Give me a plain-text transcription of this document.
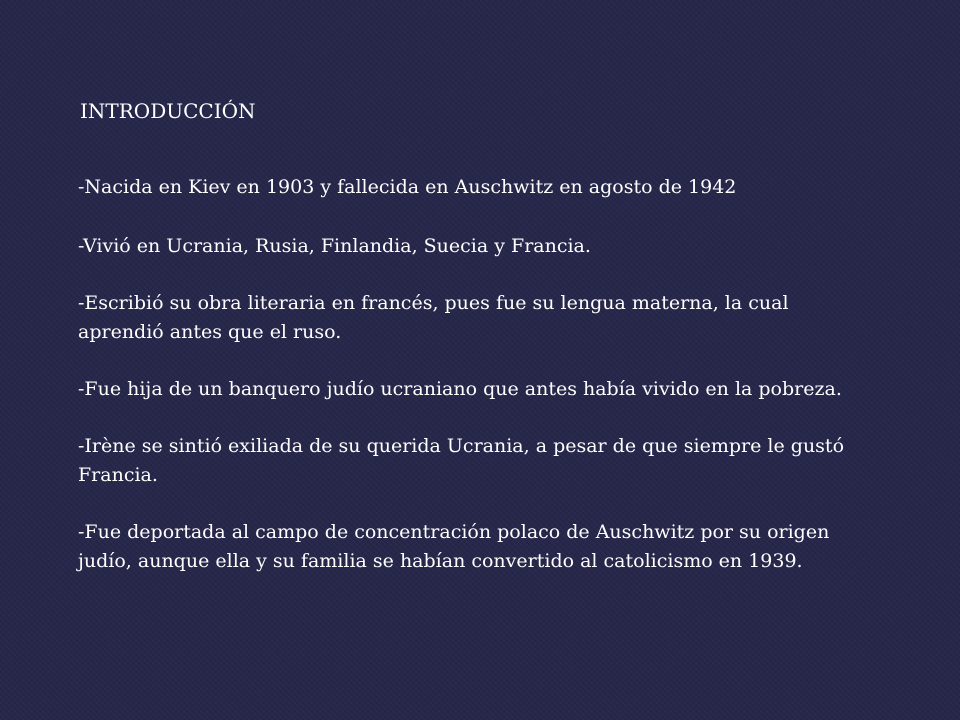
INTRODUCCIÓN

-Nacida en Kiev en 1903 y fallecida en Auschwitz en agosto de 1942

-Vivió en Ucrania, Rusia, Finlandia, Suecia y Francia.

-Escribió su obra literaria en francés, pues fue su lengua materna, la cual aprendió antes que el ruso.

-Fue hija de un banquero judío ucraniano que antes había vivido en la pobreza.

-Irène se sintió exiliada de su querida Ucrania, a pesar de que siempre le gustó Francia.

-Fue deportada al campo de concentración polaco de Auschwitz por su origen judío, aunque ella y su familia se habían convertido al catolicismo en 1939.
